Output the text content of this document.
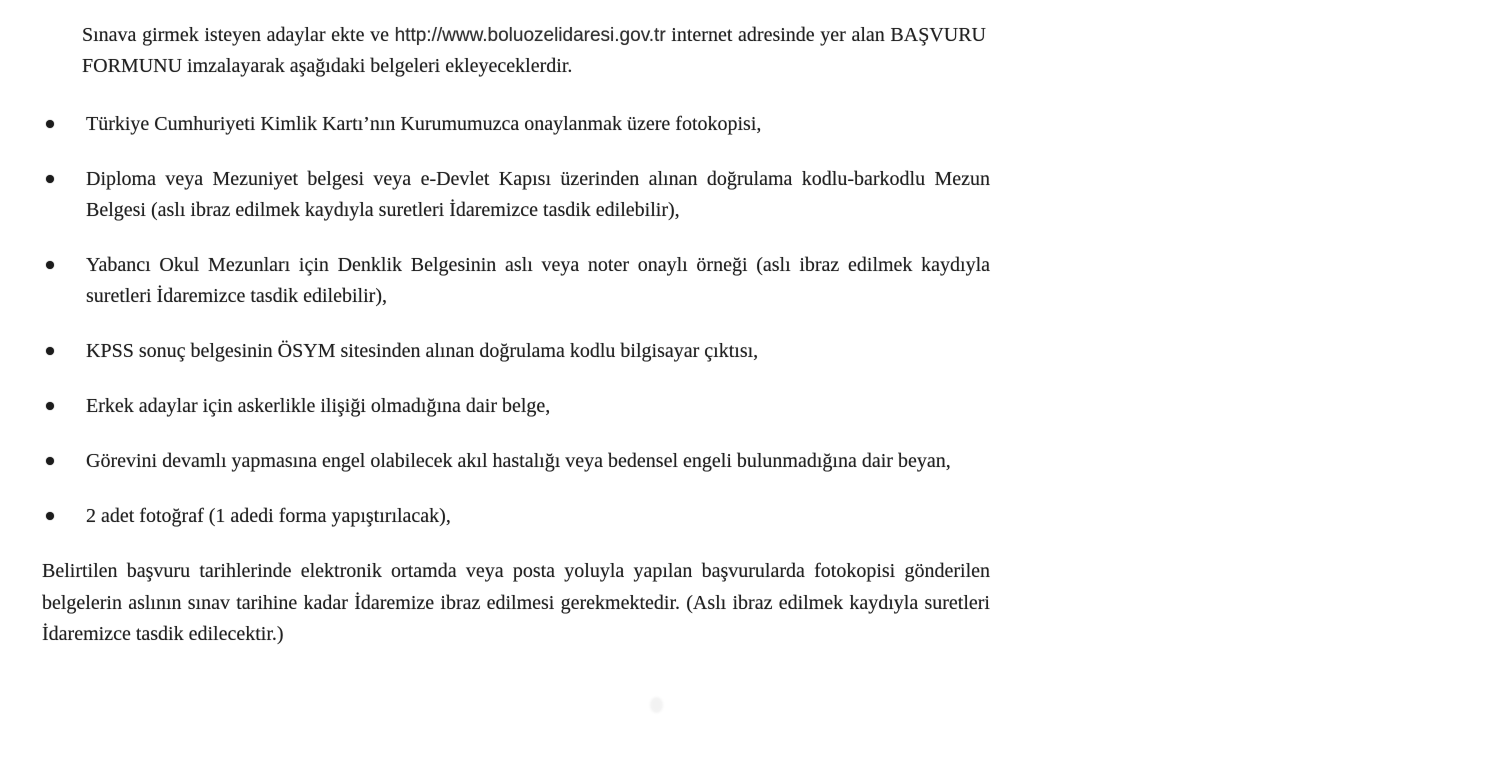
Sınava girmek isteyen adaylar ekte ve http://www.boluozelidaresi.gov.tr internet adresinde yer alan BAŞVURU FORMUNU imzalayarak aşağıdaki belgeleri ekleyeceklerdir.

Türkiye Cumhuriyeti Kimlik Kartı’nın Kurumumuzca onaylanmak üzere fotokopisi,
Diploma veya Mezuniyet belgesi veya e-Devlet Kapısı üzerinden alınan doğrulama kodlu-barkodlu Mezun Belgesi (aslı ibraz edilmek kaydıyla suretleri İdaremizce tasdik edilebilir),
Yabancı Okul Mezunları için Denklik Belgesinin aslı veya noter onaylı örneği (aslı ibraz edilmek kaydıyla suretleri İdaremizce tasdik edilebilir),
KPSS sonuç belgesinin ÖSYM sitesinden alınan doğrulama kodlu bilgisayar çıktısı,
Erkek adaylar için askerlikle ilişiği olmadığına dair belge,
Görevini devamlı yapmasına engel olabilecek akıl hastalığı veya bedensel engeli bulunmadığına dair beyan,
2 adet fotoğraf (1 adedi forma yapıştırılacak),

Belirtilen başvuru tarihlerinde elektronik ortamda veya posta yoluyla yapılan başvurularda fotokopisi gönderilen belgelerin aslının sınav tarihine kadar İdaremize ibraz edilmesi gerekmektedir. (Aslı ibraz edilmek kaydıyla suretleri İdaremizce tasdik edilecektir.)
